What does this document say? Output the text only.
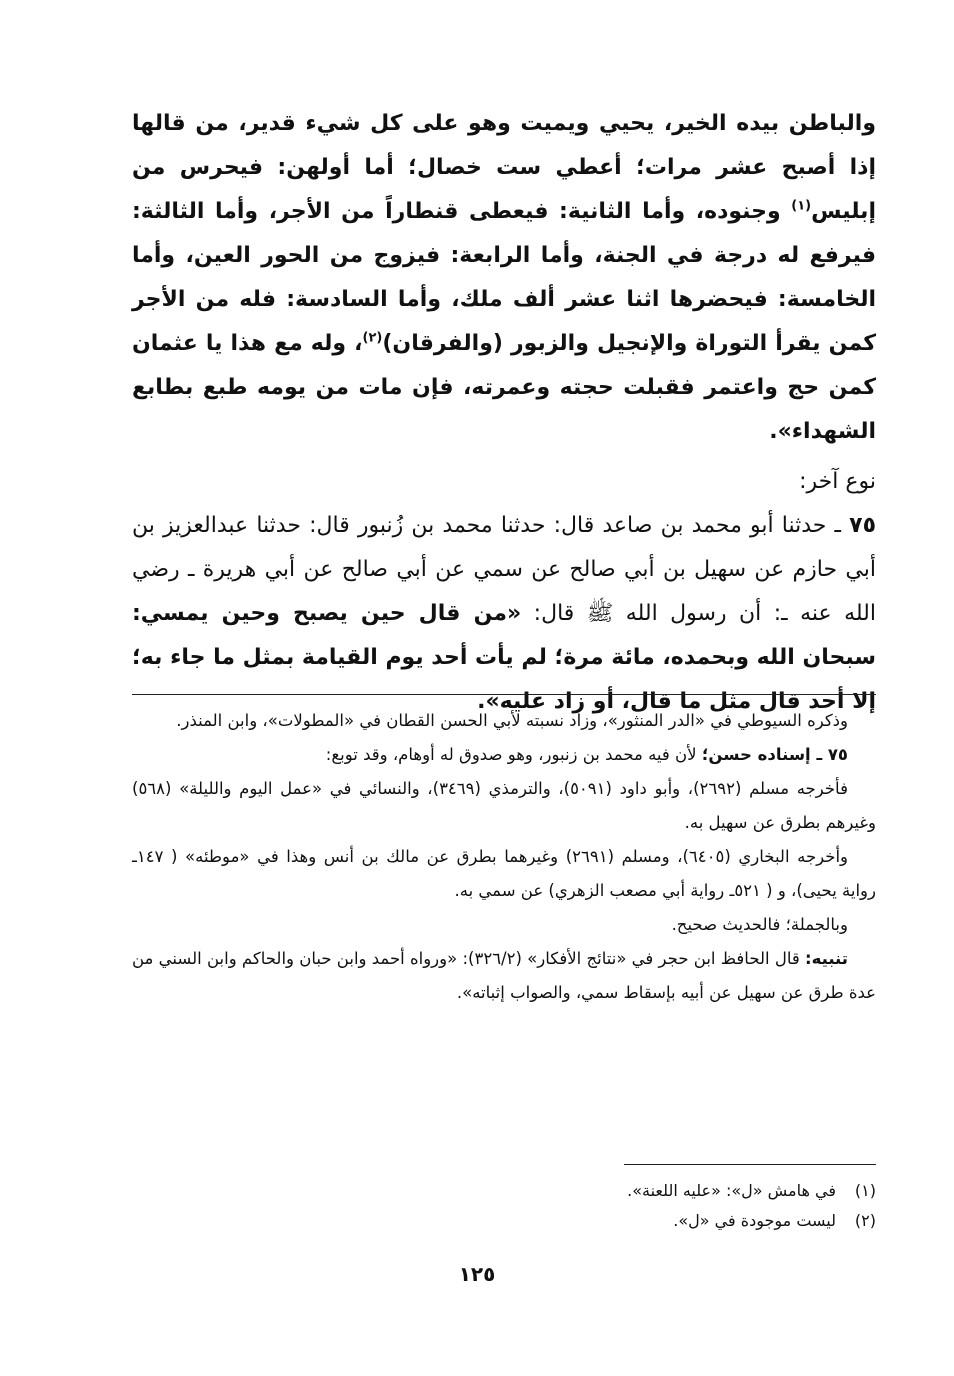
والباطن بيده الخير، يحيي ويميت وهو على كل شيء قدير، من قالها إذا أصبح عشر مرات؛ أعطي ست خصال؛ أما أولهن: فيحرس من إبليس$^{(١)}$ وجنوده، وأما الثانية: فيعطى قنطاراً من الأجر، وأما الثالثة: فيرفع له درجة في الجنة، وأما الرابعة: فيزوج من الحور العين، وأما الخامسة: فيحضرها اثنا عشر ألف ملك، وأما السادسة: فله من الأجر كمن يقرأ التوراة والإنجيل والزبور (والفرقان)$^{(٢)}$، وله مع هذا يا عثمان كمن حج واعتمر فقبلت حجته وعمرته، فإن مات من يومه طبع بطابع الشهداء».

نوع آخر:

٧٥ ـ حدثنا أبو محمد بن صاعد قال: حدثنا محمد بن زُنبور قال: حدثنا عبدالعزيز بن أبي حازم عن سهيل بن أبي صالح عن سمي عن أبي صالح عن أبي هريرة ـ رضي الله عنه ـ: أن رسول الله ﷺ قال: «من قال حين يصبح وحين يمسي: سبحان الله وبحمده، مائة مرة؛ لم يأت أحد يوم القيامة بمثل ما جاء به؛ إلا أحد قال مثل ما قال، أو زاد عليه».

وذكره السيوطي في «الدر المنثور»، وزاد نسبته لأبي الحسن القطان في «المطولات»، وابن المنذر.

٧٥ ـ إسناده حسن؛ لأن فيه محمد بن زنبور، وهو صدوق له أوهام، وقد توبع:

فأخرجه مسلم (٢٦٩٢)، وأبو داود (٥٠٩١)، والترمذي (٣٤٦٩)، والنسائي في «عمل اليوم والليلة» (٥٦٨) وغيرهم بطرق عن سهيل به.

وأخرجه البخاري (٦٤٠٥)، ومسلم (٢٦٩١) وغيرهما بطرق عن مالك بن أنس وهذا في «موطئه» ( ١٤٧ـ رواية يحيى)، و ( ٥٢١ـ رواية أبي مصعب الزهري) عن سمي به.

وبالجملة؛ فالحديث صحيح.

تنبيه: قال الحافظ ابن حجر في «نتائج الأفكار» (٣٢٦/٢): «ورواه أحمد وابن حبان والحاكم وابن السني من عدة طرق عن سهيل عن أبيه بإسقاط سمي، والصواب إثباته».

(١)في هامش «ل»: «عليه اللعنة».

(٢)ليست موجودة في «ل».

١٢٥
